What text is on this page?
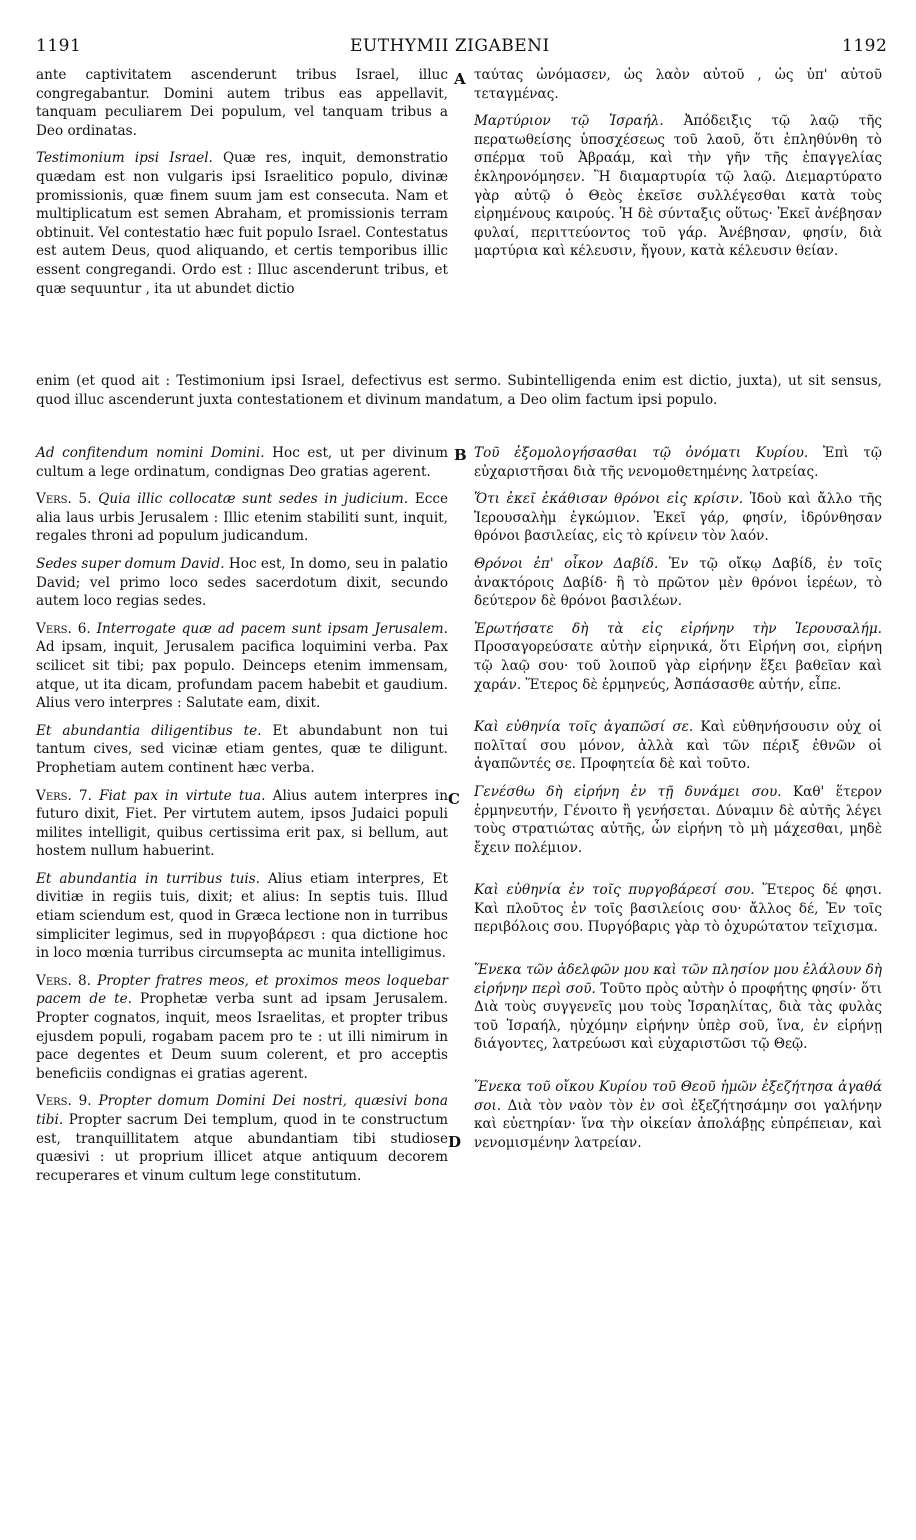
1191	EUTHYMII ZIGABENI	1192
A
B
C
D

ante captivitatem ascenderunt tribus Israel, illuc congregabantur. Domini autem tribus eas appellavit, tanquam peculiarem Dei populum, vel tanquam tribus a Deo ordinatas.

Testimonium ipsi Israel. Quæ res, inquit, demonstratio quædam est non vulgaris ipsi Israelitico populo, divinæ promissionis, quæ finem suum jam est consecuta. Nam et multiplicatum est semen Abraham, et promissionis terram obtinuit. Vel contestatio hæc fuit populo Israel. Contestatus est autem Deus, quod aliquando, et certis temporibus illic essent congregandi. Ordo est : Illuc ascenderunt tribus, et quæ sequuntur , ita ut abundet dictio

ταύτας ὠνόμασεν, ὡς λαὸν αὐτοῦ , ὡς ὑπ' αὐτοῦ τεταγμένας.

Μαρτύριον τῷ Ἰσραήλ. Ἀπόδειξις τῷ λαῷ τῆς περατωθείσης ὑποσχέσεως τοῦ λαοῦ, ὅτι ἐπληθύνθη τὸ σπέρμα τοῦ Ἀβραάμ, καὶ τὴν γῆν τῆς ἐπαγγελίας ἐκληρονόμησεν. Ἢ διαμαρτυρία τῷ λαῷ. Διεμαρτύρατο γὰρ αὐτῷ ὁ Θεὸς ἐκεῖσε συλλέγεσθαι κατὰ τοὺς εἰρημένους καιρούς. Ἡ δὲ σύνταξις οὕτως· Ἐκεῖ ἀνέβησαν φυλαί, περιττεύοντος τοῦ γάρ. Ἀνέβησαν, φησίν, διὰ μαρτύρια καὶ κέλευσιν, ἤγουν, κατὰ κέλευσιν θείαν.

enim (et quod ait : Testimonium ipsi Israel, defectivus est sermo. Subintelligenda enim est dictio, juxta), ut sit sensus, quod illuc ascenderunt juxta contestationem et divinum mandatum, a Deo olim factum ipsi populo.

Ad confitendum nomini Domini. Hoc est, ut per divinum cultum a lege ordinatum, condignas Deo gratias agerent.

Vers. 5. Quia illic collocatæ sunt sedes in judicium. Ecce alia laus urbis Jerusalem : Illic etenim stabiliti sunt, inquit, regales throni ad populum judicandum.

Sedes super domum David. Hoc est, In domo, seu in palatio David; vel primo loco sedes sacerdotum dixit, secundo autem loco regias sedes.

Vers. 6. Interrogate quæ ad pacem sunt ipsam Jerusalem. Ad ipsam, inquit, Jerusalem pacifica loquimini verba. Pax scilicet sit tibi; pax populo. Deinceps etenim immensam, atque, ut ita dicam, profundam pacem habebit et gaudium. Alius vero interpres : Salutate eam, dixit.

Et abundantia diligentibus te. Et abundabunt non tui tantum cives, sed vicinæ etiam gentes, quæ te diligunt. Prophetiam autem continent hæc verba.

Vers. 7. Fiat pax in virtute tua. Alius autem interpres in futuro dixit, Fiet. Per virtutem autem, ipsos Judaici populi milites intelligit, quibus certissima erit pax, si bellum, aut hostem nullum habuerint.

Et abundantia in turribus tuis. Alius etiam interpres, Et divitiæ in regiis tuis, dixit; et alius: In septis tuis. Illud etiam sciendum est, quod in Græca lectione non in turribus simpliciter legimus, sed in πυργοβάρεσι : qua dictione hoc in loco mœnia turribus circumsepta ac munita intelligimus.

Vers. 8. Propter fratres meos, et proximos meos loquebar pacem de te. Prophetæ verba sunt ad ipsam Jerusalem. Propter cognatos, inquit, meos Israelitas, et propter tribus ejusdem populi, rogabam pacem pro te : ut illi nimirum in pace degentes et Deum suum colerent, et pro acceptis beneficiis condignas ei gratias agerent.

Vers. 9. Propter domum Domini Dei nostri, quæsivi bona tibi. Propter sacrum Dei templum, quod in te constructum est, tranquillitatem atque abundantiam tibi studiose quæsivi : ut proprium illicet atque antiquum decorem recuperares et vinum cultum lege constitutum.

Τοῦ ἐξομολογήσασθαι τῷ ὀνόματι Κυρίου. Ἐπὶ τῷ εὐχαριστῆσαι διὰ τῆς νενομοθετημένης λατρείας.

Ὅτι ἐκεῖ ἐκάθισαν θρόνοι εἰς κρίσιν. Ἰδοὺ καὶ ἄλλο τῆς Ἱερουσαλὴμ ἐγκώμιον. Ἐκεῖ γάρ, φησίν, ἱδρύνθησαν θρόνοι βασιλείας, εἰς τὸ κρίνειν τὸν λαόν.

Θρόνοι ἐπ' οἶκον Δαβίδ. Ἐν τῷ οἴκῳ Δαβίδ, ἐν τοῖς ἀνακτόροις Δαβίδ· ἢ τὸ πρῶτον μὲν θρόνοι ἱερέων, τὸ δεύτερον δὲ θρόνοι βασιλέων.

Ἐρωτήσατε δὴ τὰ εἰς εἰρήνην τὴν Ἱερουσαλήμ. Προσαγορεύσατε αὐτὴν εἰρηνικά, ὅτι Εἰρήνη σοι, εἰρήνη τῷ λαῷ σου· τοῦ λοιποῦ γὰρ εἰρήνην ἕξει βαθεῖαν καὶ χαράν. Ἕτερος δὲ ἑρμηνεύς, Ἀσπάσασθε αὐτήν, εἶπε.

Καὶ εὐθηνία τοῖς ἀγαπῶσί σε. Καὶ εὐθηνήσουσιν οὐχ οἱ πολῖταί σου μόνον, ἀλλὰ καὶ τῶν πέριξ ἐθνῶν οἱ ἀγαπῶντές σε. Προφητεία δὲ καὶ τοῦτο.

Γενέσθω δὴ εἰρήνη ἐν τῇ δυνάμει σου. Καθ' ἕτερον ἑρμηνευτήν, Γένοιτο ἢ γενήσεται. Δύναμιν δὲ αὐτῆς λέγει τοὺς στρατιώτας αὐτῆς, ὧν εἰρήνη τὸ μὴ μάχεσθαι, μηδὲ ἔχειν πολέμιον.

Καὶ εὐθηνία ἐν τοῖς πυργοβάρεσί σου. Ἕτερος δέ φησι. Καὶ πλοῦτος ἐν τοῖς βασιλείοις σου· ἄλλος δέ, Ἐν τοῖς περιβόλοις σου. Πυργόβαρις γὰρ τὸ ὀχυρώτατον τεῖχισμα.

Ἕνεκα τῶν ἀδελφῶν μου καὶ τῶν πλησίον μου ἐλάλουν δὴ εἰρήνην περὶ σοῦ. Τοῦτο πρὸς αὐτὴν ὁ προφήτης φησίν· ὅτι Διὰ τοὺς συγγενεῖς μου τοὺς Ἰσραηλίτας, διὰ τὰς φυλὰς τοῦ Ἰσραήλ, ηὐχόμην εἰρήνην ὑπὲρ σοῦ, ἵνα, ἐν εἰρήνῃ διάγοντες, λατρεύωσι καὶ εὐχαριστῶσι τῷ Θεῷ.

Ἕνεκα τοῦ οἴκου Κυρίου τοῦ Θεοῦ ἡμῶν ἐξεζήτησα ἀγαθά σοι. Διὰ τὸν ναὸν τὸν ἐν σοὶ ἐξεζήτησάμην σοι γαλήνην καὶ εὐετηρίαν· ἵνα τὴν οἰκείαν ἀπολάβῃς εὐπρέπειαν, καὶ νενομισμένην λατρείαν.
